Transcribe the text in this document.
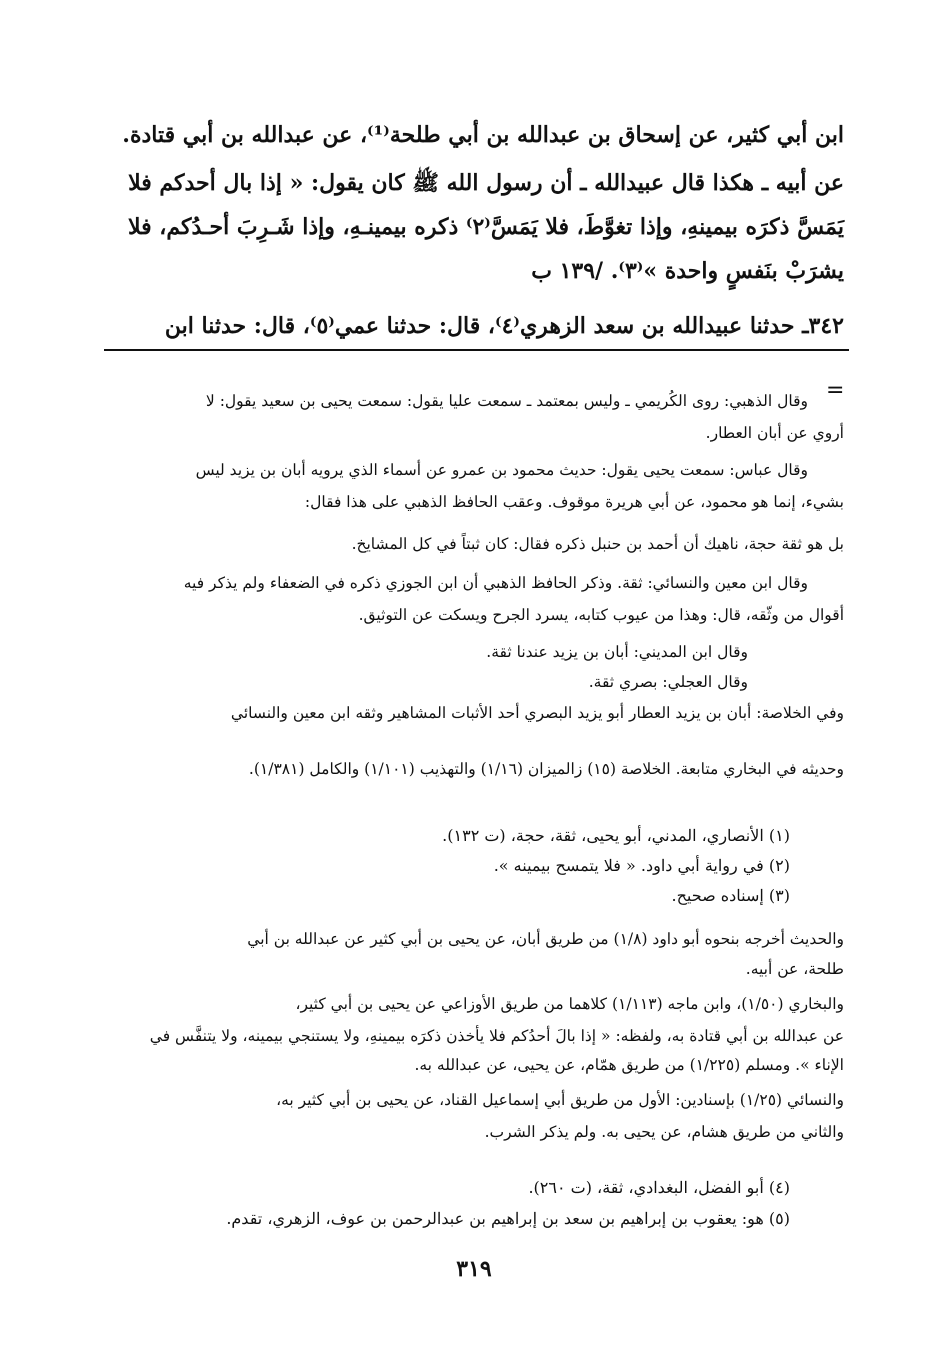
ابن أبي كثير، عن إسحاق بن عبدالله بن أبي طلحة⁽¹⁾، عن عبدالله بن أبي قتادة.
عن أبيه ـ هكذا قال عبيدالله ـ أن رسول الله ﷺ كان يقول: « إذا بال أحدكم فلا
يَمَسَّ ذكرَه بيمينهِ، وإذا تغوَّطَ، فلا يَمَسَّ⁽٢⁾ ذكره بيمينـهِ، وإذا شَـرِبَ أحـدُكم، فلا
يشرَبْ بنَفسٍ واحدة »⁽٣⁾. /١٣٩ ب
٣٤٢ـ حدثنا عبيدالله بن سعد الزهري⁽٤⁾، قال: حدثنا عمي⁽٥⁾، قال: حدثنا ابن
=
وقال الذهبي: روى الكُريمي ـ وليس بمعتمد ـ سمعت عليا يقول: سمعت يحيى بن سعيد يقول: لا
أروي عن أبان العطار.
وقال عباس: سمعت يحيى يقول: حديث محمود بن عمرو عن أسماء الذي يرويه أبان بن يزيد ليس
بشيء، إنما هو محمود، عن أبي هريرة موقوف. وعقب الحافظ الذهبي على هذا فقال:
بل هو ثقة حجة، ناهيك أن أحمد بن حنبل ذكره فقال: كان ثبتاً في كل المشايخ.
وقال ابن معين والنسائي: ثقة. وذكر الحافظ الذهبي أن ابن الجوزي ذكره في الضعفاء ولم يذكر فيه
أقوال من وثّقه، قال: وهذا من عيوب كتابه، يسرد الجرح ويسكت عن التوثيق.
وقال ابن المديني: أبان بن يزيد عندنا ثقة.
وقال العجلي: بصري ثقة.
وفي الخلاصة: أبان بن يزيد العطار أبو يزيد البصري أحد الأثبات المشاهير وثقه ابن معين والنسائي
وحديثه في البخاري متابعة. الخلاصة (١٥) زالميزان (١/١٦) والتهذيب (١/١٠١) والكامل (١/٣٨١).
(١) الأنصاري، المدني، أبو يحيى، ثقة، حجة، (ت ١٣٢).
(٢) في رواية أبي داود. « فلا يتمسح بيمينه ».
(٣) إسناده صحيح.
والحديث أخرجه بنحوه أبو داود (١/٨) من طريق أبان، عن يحيى بن أبي كثير عن عبدالله بن أبي
طلحة، عن أبيه.
والبخاري (١/٥٠)، وابن ماجه (١/١١٣) كلاهما من طريق الأوزاعي عن يحيى بن أبي كثير،
عن عبدالله بن أبي قتادة به، ولفظه: « إذا بالَ أحدُكم فلا يأخذن ذكرَه بيمينهِ، ولا يستنجي بيمينه، ولا يتنفَّس في
الإناء ». ومسلم (١/٢٢٥) من طريق همّام، عن يحيى، عن عبدالله به.
والنسائي (١/٢٥) بإسنادين: الأول من طريق أبي إسماعيل القناد، عن يحيى بن أبي كثير به،
والثاني من طريق هشام، عن يحيى به. ولم يذكر الشرب.
(٤) أبو الفضل، البغدادي، ثقة، (ت ٢٦٠).
(٥) هو: يعقوب بن إبراهيم بن سعد بن إبراهيم بن عبدالرحمن بن عوف، الزهري، تقدم.
٣١٩
